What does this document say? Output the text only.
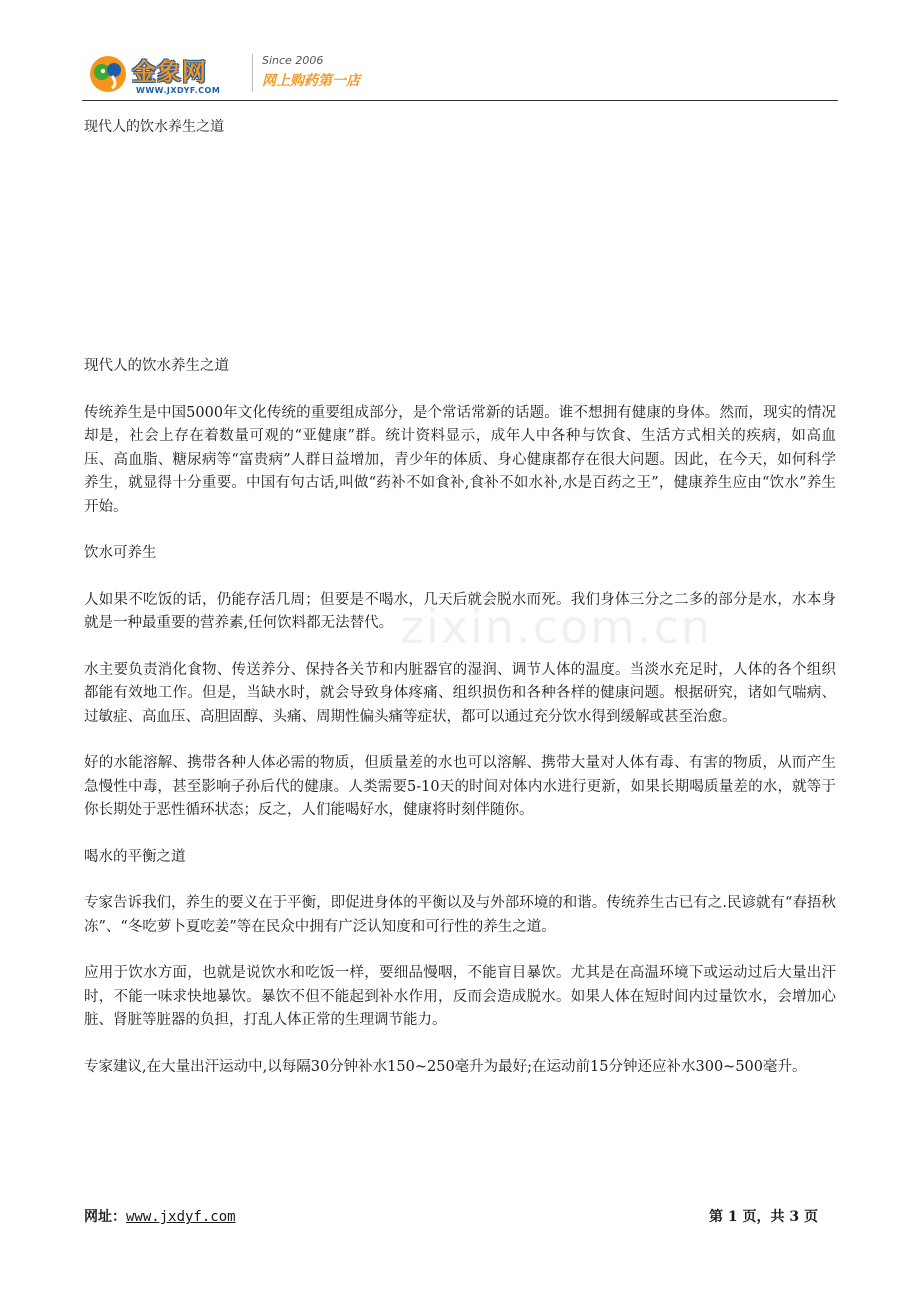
金象网
WWW.JXDYF.COM
Since 2006
网上购药第一店
现代人的饮水养生之道
zixin.com.cn

现代人的饮水养生之道

传统养生是中国5000年文化传统的重要组成部分，是个常话常新的话题。谁不想拥有健康的身体。然而，现实的情况却是，社会上存在着数量可观的“亚健康”群。统计资料显示，成年人中各种与饮食、生活方式相关的疾病，如高血压、高血脂、糖尿病等“富贵病”人群日益增加，青少年的体质、身心健康都存在很大问题。因此，在今天，如何科学养生，就显得十分重要。中国有句古话,叫做“药补不如食补,食补不如水补,水是百药之王”，健康养生应由“饮水”养生开始。

饮水可养生

人如果不吃饭的话，仍能存活几周；但要是不喝水，几天后就会脱水而死。我们身体三分之二多的部分是水，水本身就是一种最重要的营养素,任何饮料都无法替代。

水主要负责消化食物、传送养分、保持各关节和内脏器官的湿润、调节人体的温度。当淡水充足时，人体的各个组织都能有效地工作。但是，当缺水时，就会导致身体疼痛、组织损伤和各种各样的健康问题。根据研究，诸如气喘病、过敏症、高血压、高胆固醇、头痛、周期性偏头痛等症状，都可以通过充分饮水得到缓解或甚至治愈。

好的水能溶解、携带各种人体必需的物质，但质量差的水也可以溶解、携带大量对人体有毒、有害的物质，从而产生急慢性中毒，甚至影响子孙后代的健康。人类需要5-10天的时间对体内水进行更新，如果长期喝质量差的水，就等于你长期处于恶性循环状态；反之，人们能喝好水，健康将时刻伴随你。

喝水的平衡之道

专家告诉我们，养生的要义在于平衡，即促进身体的平衡以及与外部环境的和谐。传统养生古已有之.民谚就有“春捂秋冻”、“冬吃萝卜夏吃姜”等在民众中拥有广泛认知度和可行性的养生之道。

应用于饮水方面，也就是说饮水和吃饭一样，要细品慢咽，不能盲目暴饮。尤其是在高温环境下或运动过后大量出汗时，不能一味求快地暴饮。暴饮不但不能起到补水作用，反而会造成脱水。如果人体在短时间内过量饮水，会增加心脏、肾脏等脏器的负担，打乱人体正常的生理调节能力。

专家建议,在大量出汗运动中,以每隔30分钟补水150~250毫升为最好;在运动前15分钟还应补水300~500毫升。

网址：www.jxdyf.com	第 1 页，共 3 页
